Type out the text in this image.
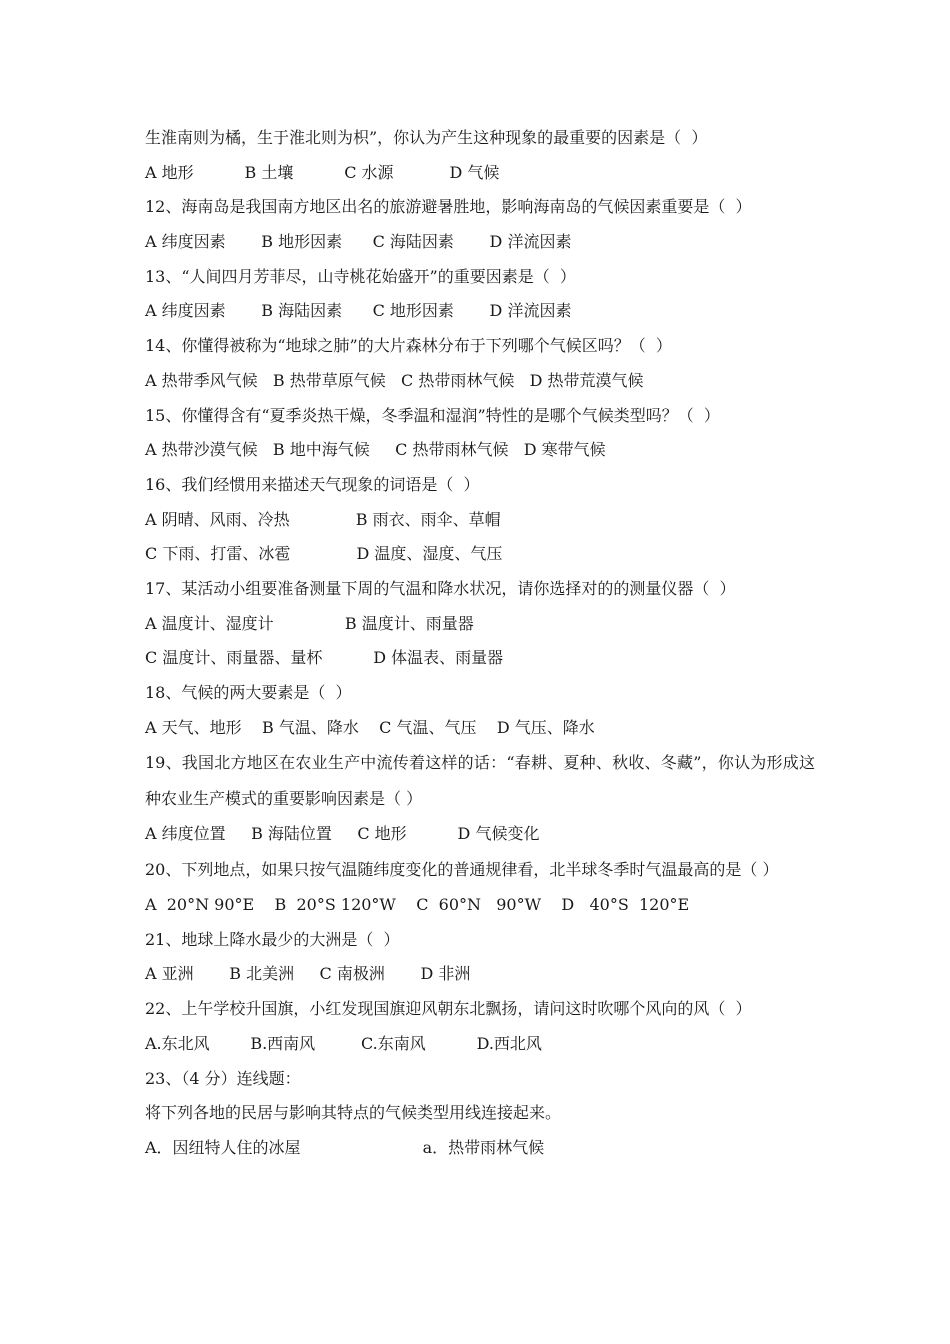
生淮南则为橘，生于淮北则为枳”，你认为产生这种现象的最重要的因素是（  ）
A 地形          B 土壤          C 水源           D 气候
12、海南岛是我国南方地区出名的旅游避暑胜地，影响海南岛的气候因素重要是（  ）
A 纬度因素       B 地形因素      C 海陆因素       D 洋流因素
13、“人间四月芳菲尽，山寺桃花始盛开”的重要因素是（  ）
A 纬度因素       B 海陆因素      C 地形因素       D 洋流因素
14、你懂得被称为“地球之肺”的大片森林分布于下列哪个气候区吗？（  ）
A 热带季风气候   B 热带草原气候   C 热带雨林气候   D 热带荒漠气候
15、你懂得含有“夏季炎热干燥，冬季温和湿润”特性的是哪个气候类型吗？（  ）
A 热带沙漠气候   B 地中海气候     C 热带雨林气候   D 寒带气候
16、我们经惯用来描述天气现象的词语是（  ）
A 阴晴、风雨、冷热             B 雨衣、雨伞、草帽
C 下雨、打雷、冰雹             D 温度、湿度、气压
17、某活动小组要准备测量下周的气温和降水状况，请你选择对的的测量仪器（  ）
A 温度计、湿度计              B 温度计、雨量器
C 温度计、雨量器、量杯          D 体温表、雨量器
18、气候的两大要素是（  ）
A 天气、地形    B 气温、降水    C 气温、气压    D 气压、降水
19、我国北方地区在农业生产中流传着这样的话：“春耕、夏种、秋收、冬藏”，你认为形成这种农业生产模式的重要影响因素是（ ）
A 纬度位置     B 海陆位置     C 地形          D 气候变化
20、下列地点，如果只按气温随纬度变化的普通规律看，北半球冬季时气温最高的是（ ）
A  20°N 90°E    B  20°S 120°W    C  60°N   90°W    D   40°S  120°E
21、地球上降水最少的大洲是（  ）
A 亚洲       B 北美洲     C 南极洲       D 非洲
22、上午学校升国旗，小红发现国旗迎风朝东北飘扬，请问这时吹哪个风向的风（  ）
A.东北风        B.西南风         C.东南风          D.西北风
23、（4 分）连线题：
将下列各地的民居与影响其特点的气候类型用线连接起来。
A．因纽特人住的冰屋                        a．热带雨林气候
